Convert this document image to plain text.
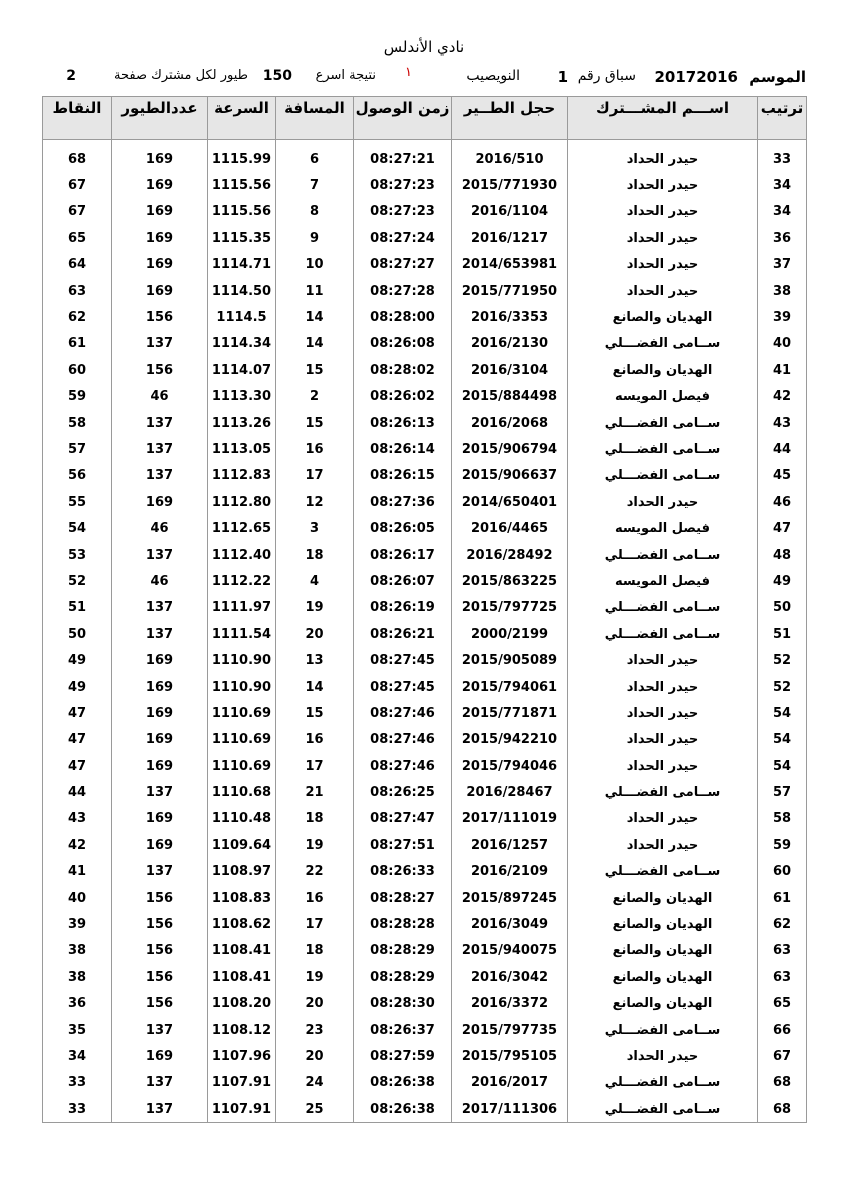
نادي الأندلس
الموسم
20172016
سباق رقم
1
النويصيب
١
نتيجة اسرع
150
طيور لكل مشترك صفحة
2
ترتيب	اســـم المشـــترك	حجل الطــير	زمن الوصول	المسافة	السرعة	عددالطيور	النقاط

33	حيدر الحداد	2016/510	08:27:21	6	1115.99	169	68
34	حيدر الحداد	2015/771930	08:27:23	7	1115.56	169	67
34	حيدر الحداد	2016/1104	08:27:23	8	1115.56	169	67
36	حيدر الحداد	2016/1217	08:27:24	9	1115.35	169	65
37	حيدر الحداد	2014/653981	08:27:27	10	1114.71	169	64
38	حيدر الحداد	2015/771950	08:27:28	11	1114.50	169	63
39	الهديان والصانع	2016/3353	08:28:00	14	1114.5	156	62
40	ســامى الفضـــلي	2016/2130	08:26:08	14	1114.34	137	61
41	الهديان والصانع	2016/3104	08:28:02	15	1114.07	156	60
42	فيصل المويسه	2015/884498	08:26:02	2	1113.30	46	59
43	ســامى الفضـــلي	2016/2068	08:26:13	15	1113.26	137	58
44	ســامى الفضـــلي	2015/906794	08:26:14	16	1113.05	137	57
45	ســامى الفضـــلي	2015/906637	08:26:15	17	1112.83	137	56
46	حيدر الحداد	2014/650401	08:27:36	12	1112.80	169	55
47	فيصل المويسه	2016/4465	08:26:05	3	1112.65	46	54
48	ســامى الفضـــلي	2016/28492	08:26:17	18	1112.40	137	53
49	فيصل المويسه	2015/863225	08:26:07	4	1112.22	46	52
50	ســامى الفضـــلي	2015/797725	08:26:19	19	1111.97	137	51
51	ســامى الفضـــلي	2000/2199	08:26:21	20	1111.54	137	50
52	حيدر الحداد	2015/905089	08:27:45	13	1110.90	169	49
52	حيدر الحداد	2015/794061	08:27:45	14	1110.90	169	49
54	حيدر الحداد	2015/771871	08:27:46	15	1110.69	169	47
54	حيدر الحداد	2015/942210	08:27:46	16	1110.69	169	47
54	حيدر الحداد	2015/794046	08:27:46	17	1110.69	169	47
57	ســامى الفضـــلي	2016/28467	08:26:25	21	1110.68	137	44
58	حيدر الحداد	2017/111019	08:27:47	18	1110.48	169	43
59	حيدر الحداد	2016/1257	08:27:51	19	1109.64	169	42
60	ســامى الفضـــلي	2016/2109	08:26:33	22	1108.97	137	41
61	الهديان والصانع	2015/897245	08:28:27	16	1108.83	156	40
62	الهديان والصانع	2016/3049	08:28:28	17	1108.62	156	39
63	الهديان والصانع	2015/940075	08:28:29	18	1108.41	156	38
63	الهديان والصانع	2016/3042	08:28:29	19	1108.41	156	38
65	الهديان والصانع	2016/3372	08:28:30	20	1108.20	156	36
66	ســامى الفضـــلي	2015/797735	08:26:37	23	1108.12	137	35
67	حيدر الحداد	2015/795105	08:27:59	20	1107.96	169	34
68	ســامى الفضـــلي	2016/2017	08:26:38	24	1107.91	137	33
68	ســامى الفضـــلي	2017/111306	08:26:38	25	1107.91	137	33
